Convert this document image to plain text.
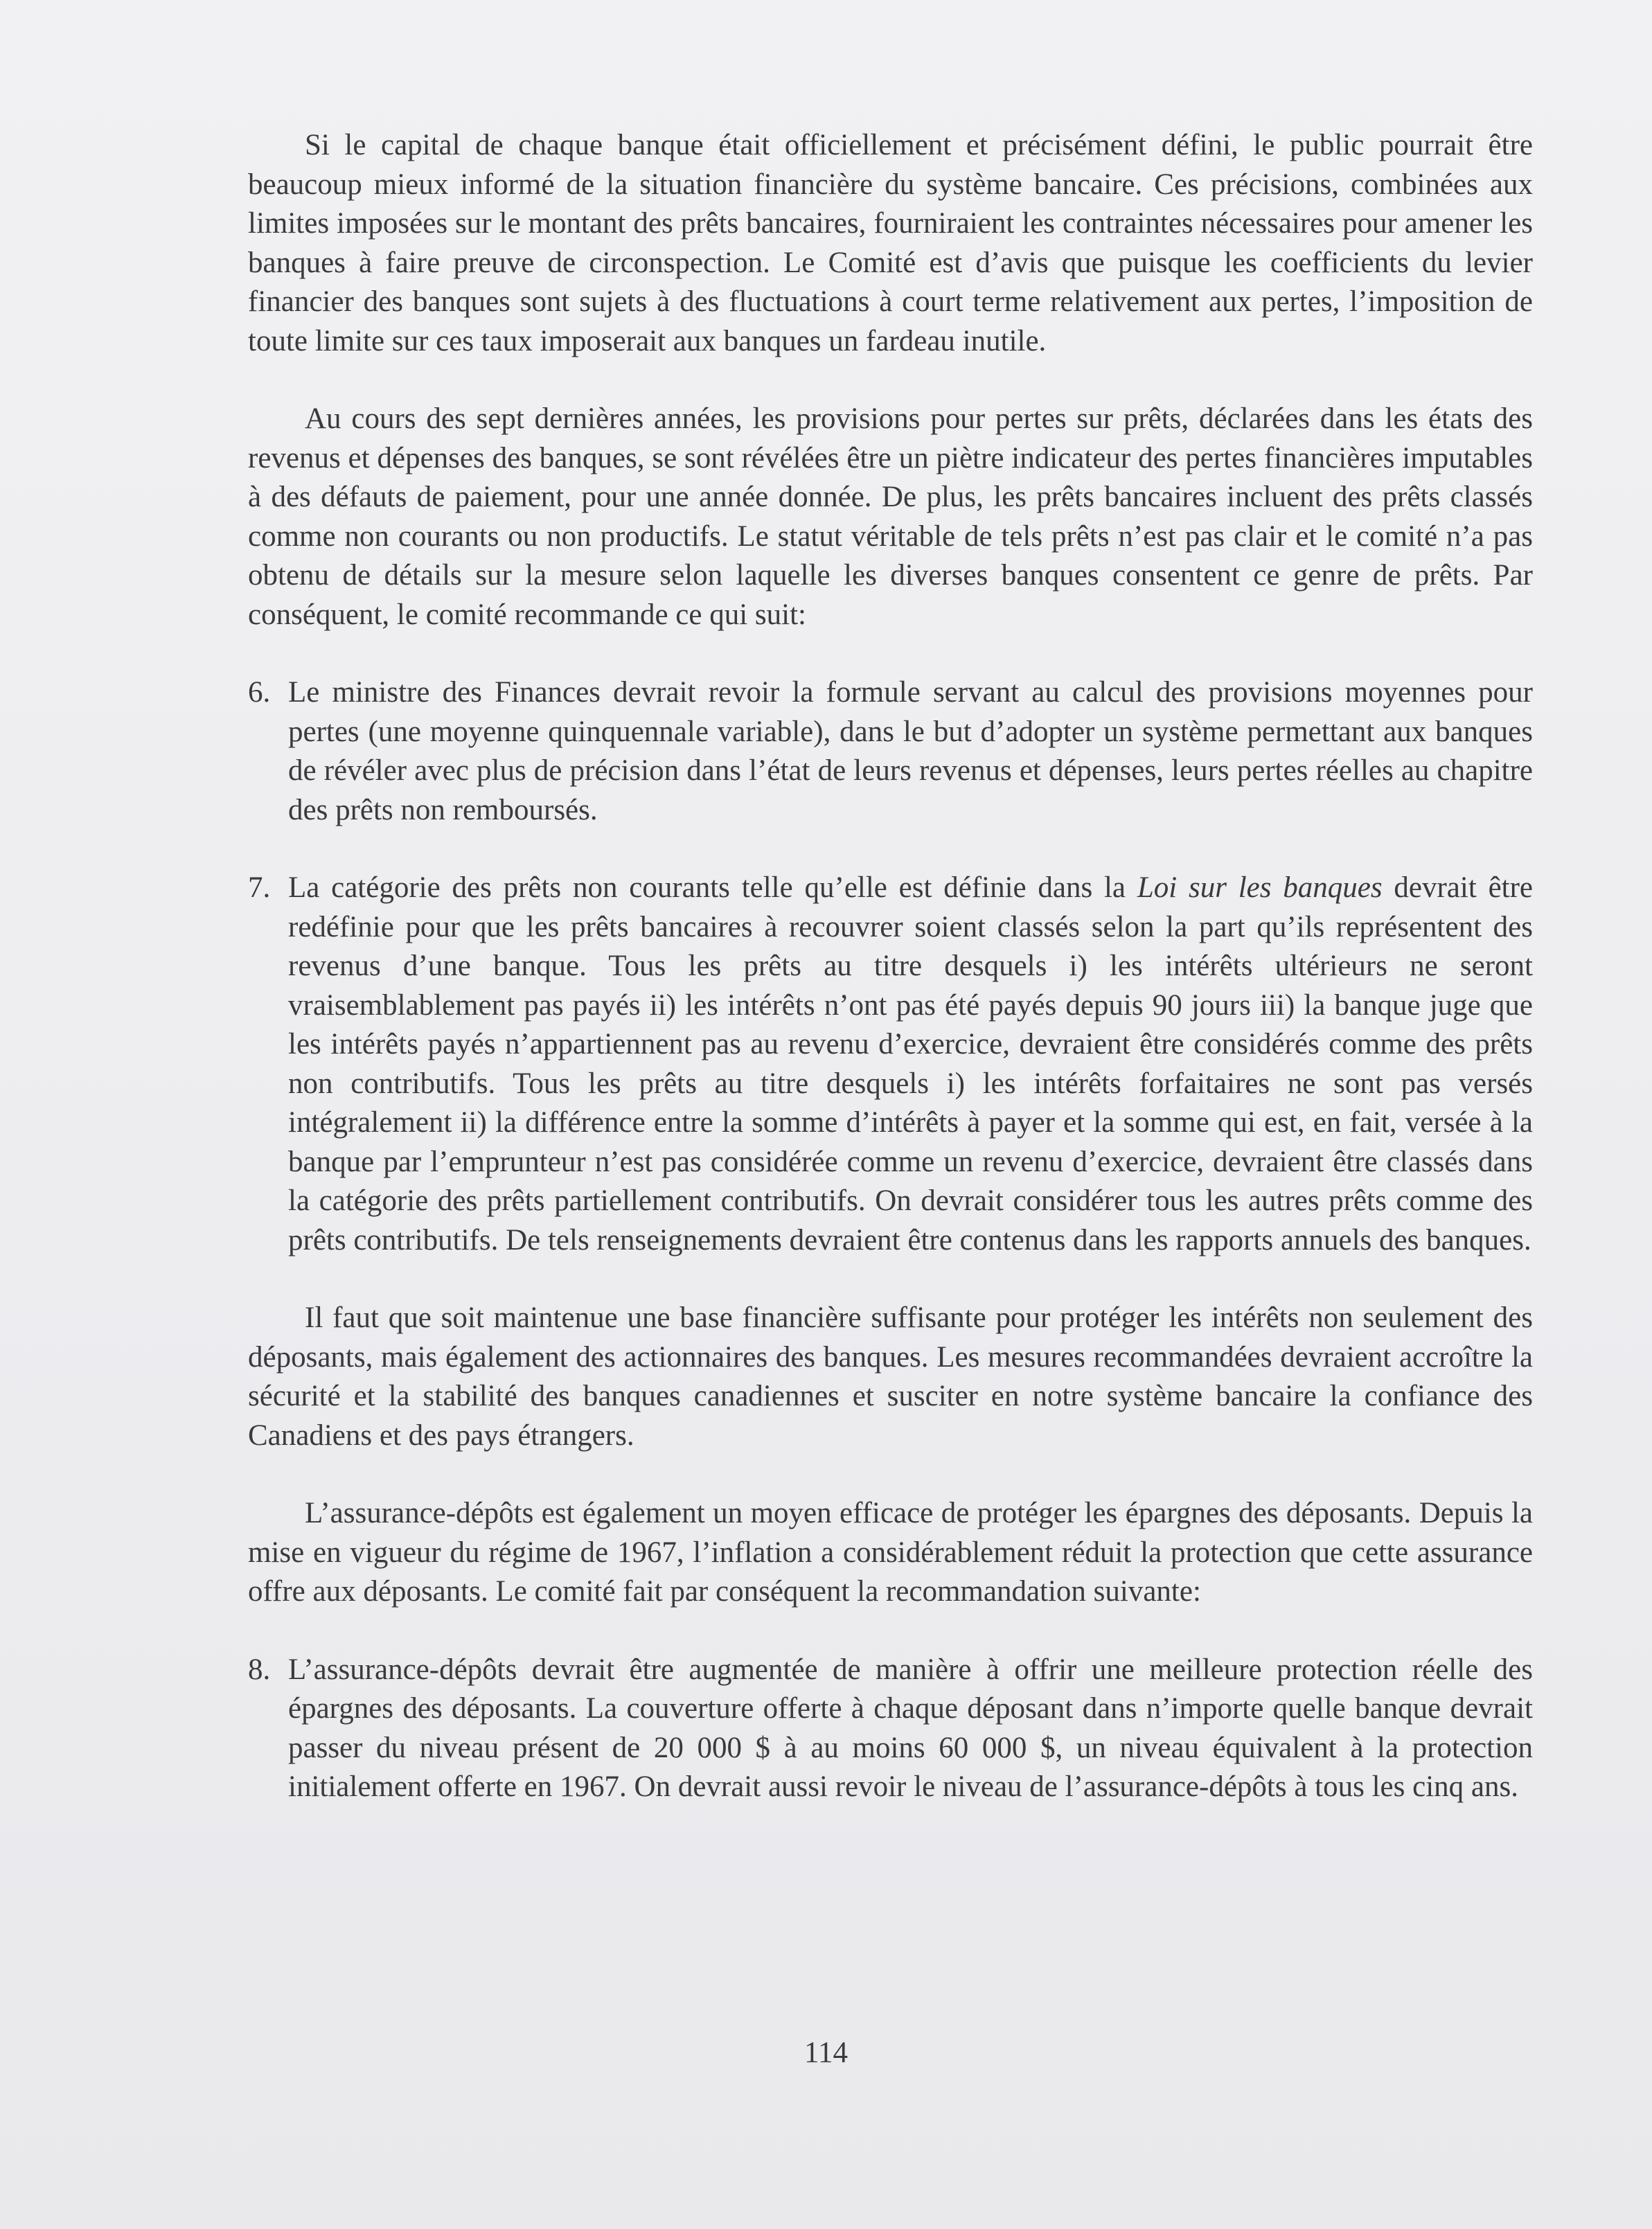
Si le capital de chaque banque était officiellement et précisément défini, le public pourrait être beaucoup mieux informé de la situation financière du système bancaire. Ces précisions, combinées aux limites imposées sur le montant des prêts bancaires, fourniraient les contraintes nécessaires pour amener les banques à faire preuve de circonspection. Le Comité est d’avis que puisque les coefficients du levier financier des banques sont sujets à des fluctuations à court terme relativement aux pertes, l’imposition de toute limite sur ces taux imposerait aux banques un fardeau inutile.

Au cours des sept dernières années, les provisions pour pertes sur prêts, déclarées dans les états des revenus et dépenses des banques, se sont révélées être un piètre indicateur des pertes financières imputables à des défauts de paiement, pour une année donnée. De plus, les prêts bancaires incluent des prêts classés comme non courants ou non productifs. Le statut véritable de tels prêts n’est pas clair et le comité n’a pas obtenu de détails sur la mesure selon laquelle les diverses banques consentent ce genre de prêts. Par conséquent, le comité recommande ce qui suit:

6. Le ministre des Finances devrait revoir la formule servant au calcul des provisions moyennes pour pertes (une moyenne quinquennale variable), dans le but d’adopter un système permettant aux banques de révéler avec plus de précision dans l’état de leurs revenus et dépenses, leurs pertes réelles au chapitre des prêts non remboursés.
7. La catégorie des prêts non courants telle qu’elle est définie dans la Loi sur les banques devrait être redéfinie pour que les prêts bancaires à recouvrer soient classés selon la part qu’ils représentent des revenus d’une banque. Tous les prêts au titre desquels i) les intérêts ultérieurs ne seront vraisemblablement pas payés ii) les intérêts n’ont pas été payés depuis 90 jours iii) la banque juge que les intérêts payés n’appartiennent pas au revenu d’exercice, devraient être considérés comme des prêts non contributifs. Tous les prêts au titre desquels i) les intérêts forfaitaires ne sont pas versés intégralement ii) la différence entre la somme d’intérêts à payer et la somme qui est, en fait, versée à la banque par l’emprunteur n’est pas considérée comme un revenu d’exercice, devraient être classés dans la catégorie des prêts partiellement contributifs. On devrait considérer tous les autres prêts comme des prêts contributifs. De tels renseignements devraient être contenus dans les rapports annuels des banques.

Il faut que soit maintenue une base financière suffisante pour protéger les intérêts non seulement des déposants, mais également des actionnaires des banques. Les mesures recommandées devraient accroître la sécurité et la stabilité des banques canadiennes et susciter en notre système bancaire la confiance des Canadiens et des pays étrangers.

L’assurance-dépôts est également un moyen efficace de protéger les épargnes des déposants. Depuis la mise en vigueur du régime de 1967, l’inflation a considérablement réduit la protection que cette assurance offre aux déposants. Le comité fait par conséquent la recommandation suivante:

8. L’assurance-dépôts devrait être augmentée de manière à offrir une meilleure protection réelle des épargnes des déposants. La couverture offerte à chaque déposant dans n’importe quelle banque devrait passer du niveau présent de 20 000 $ à au moins 60 000 $, un niveau équivalent à la protection initialement offerte en 1967. On devrait aussi revoir le niveau de l’assurance-dépôts à tous les cinq ans.
114
